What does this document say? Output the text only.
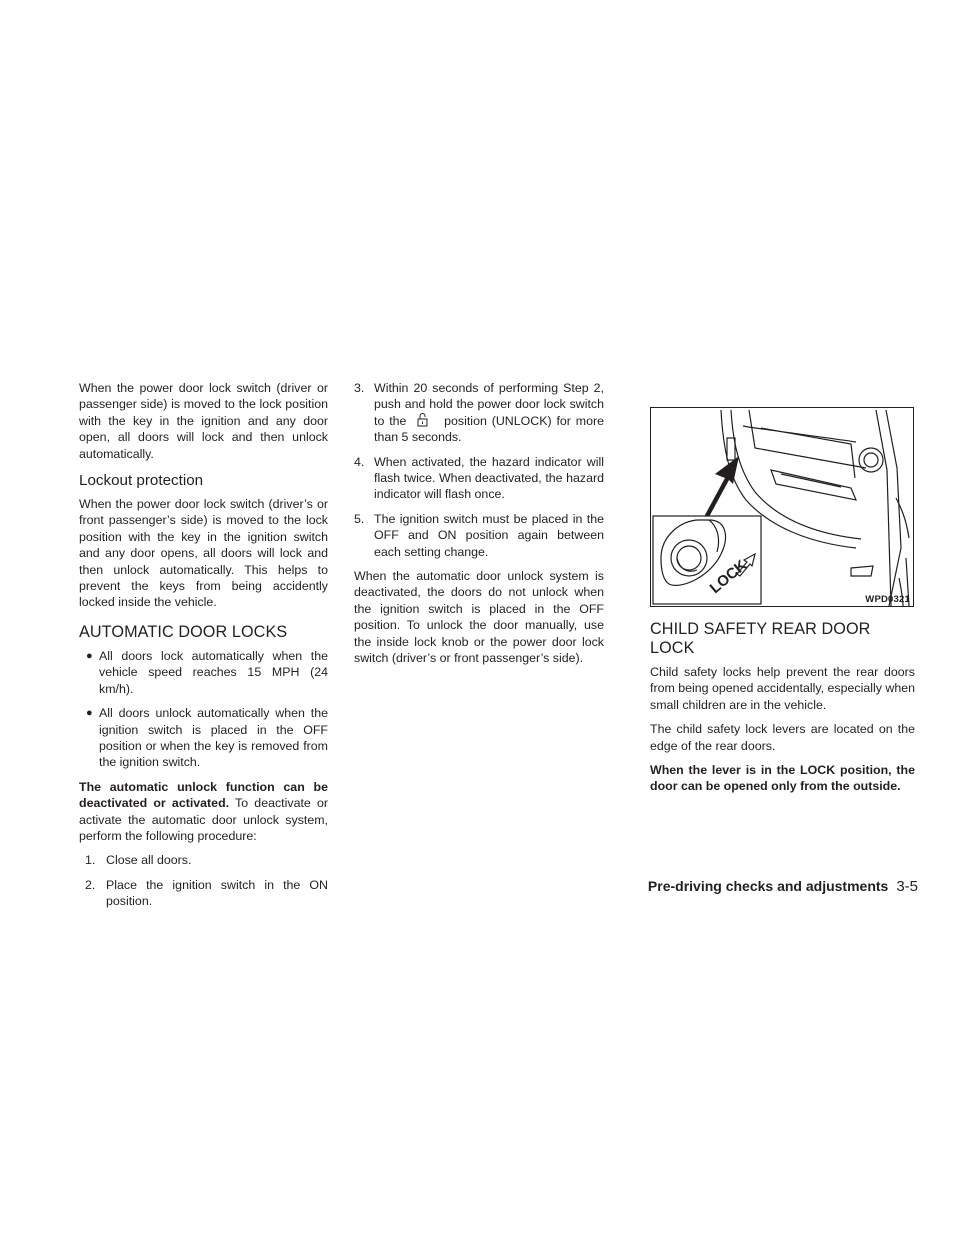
When the power door lock switch (driver or passenger side) is moved to the lock position with the key in the ignition and any door open, all doors will lock and then unlock automatically.

Lockout protection

When the power door lock switch (driver’s or front passenger’s side) is moved to the lock position with the key in the ignition switch and any door opens, all doors will lock and then unlock automatically. This helps to prevent the keys from being accidently locked inside the vehicle.

AUTOMATIC DOOR LOCKS
● All doors lock automatically when the vehicle speed reaches 15 MPH (24 km/h).
● All doors unlock automatically when the ignition switch is placed in the OFF position or when the key is removed from the ignition switch.

The automatic unlock function can be deactivated or activated. To deactivate or activate the automatic door unlock system, perform the following procedure:

1. Close all doors.
2. Place the ignition switch in the ON position.
3. Within 20 seconds of performing Step 2, push and hold the power door lock switch to the  position (UNLOCK) for more than 5 seconds.
4. When activated, the hazard indicator will flash twice. When deactivated, the hazard indicator will flash once.
5. The ignition switch must be placed in the OFF and ON position again between each setting change.

When the automatic door unlock system is deactivated, the doors do not unlock when the ignition switch is placed in the OFF position. To unlock the door manually, use the inside lock knob or the power door lock switch (driver’s or front passenger’s side).

LOCK
WPD0321
CHILD SAFETY REAR DOOR LOCK

Child safety locks help prevent the rear doors from being opened accidentally, especially when small children are in the vehicle.

The child safety lock levers are located on the edge of the rear doors.

When the lever is in the LOCK position, the door can be opened only from the outside.

Pre-driving checks and adjustments 3-5
